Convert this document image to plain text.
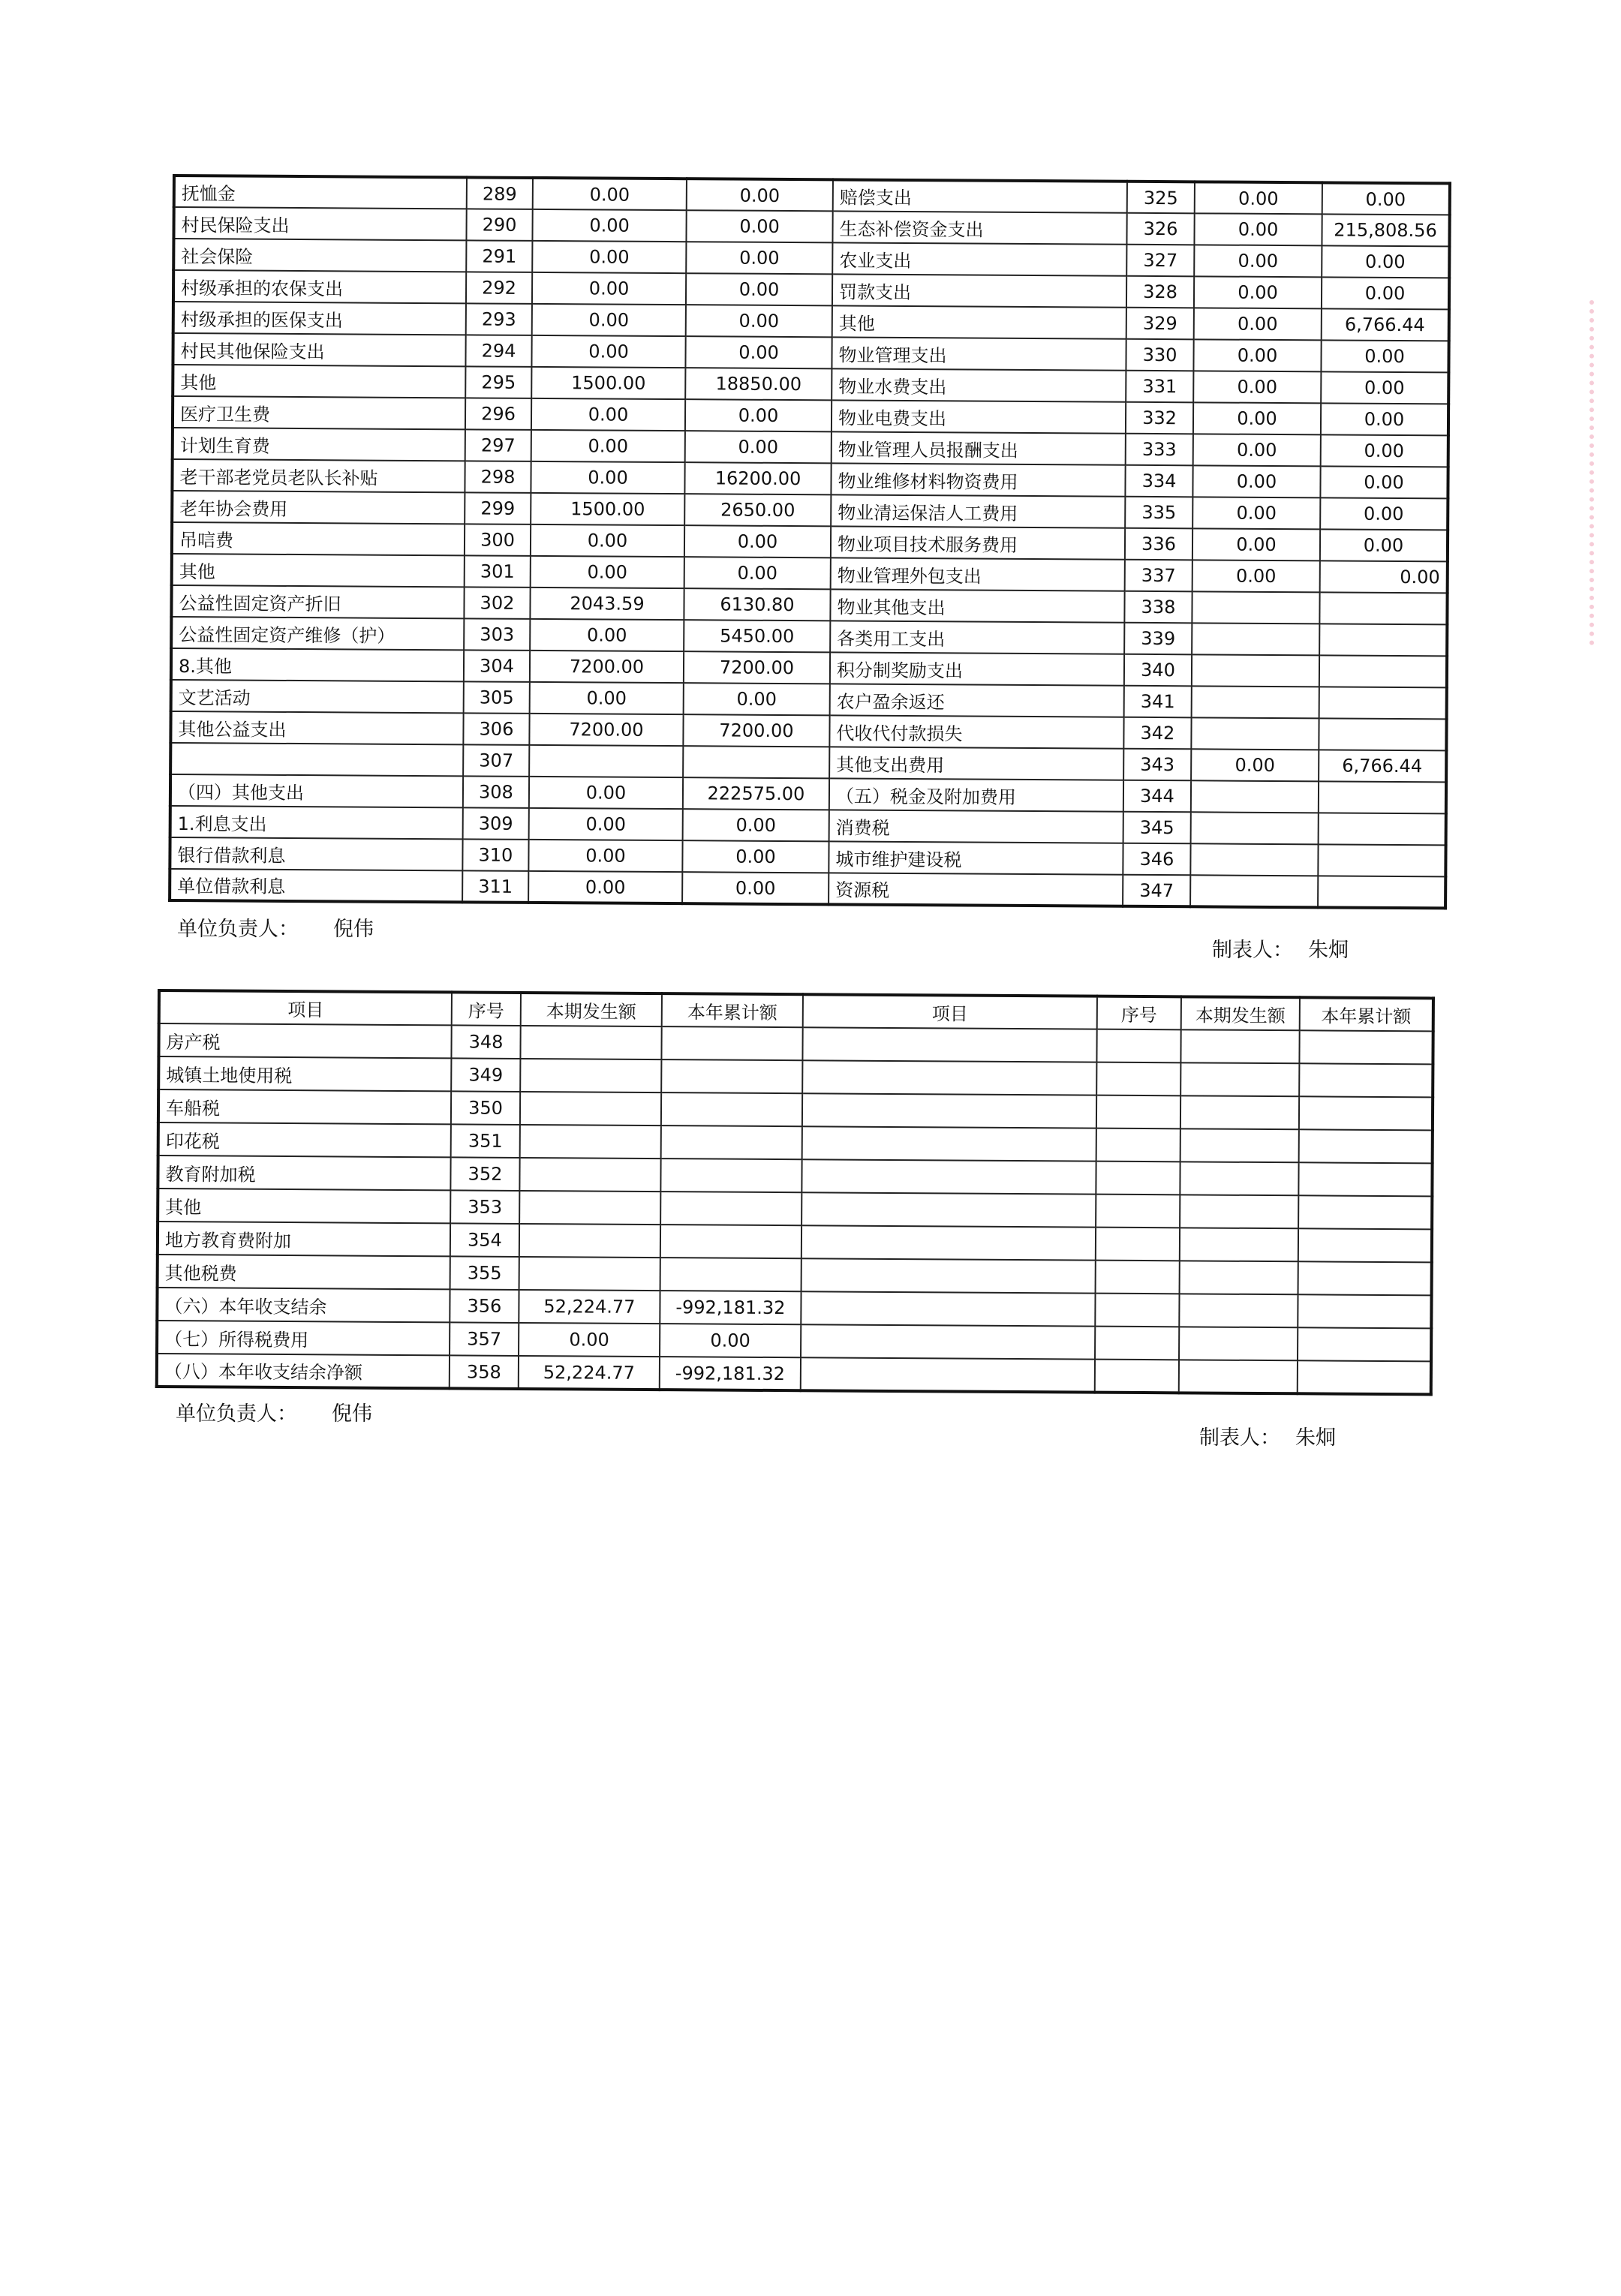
抚恤金	289	0.00	0.00	赔偿支出	325	0.00	0.00
村民保险支出	290	0.00	0.00	生态补偿资金支出	326	0.00	215,808.56
社会保险	291	0.00	0.00	农业支出	327	0.00	0.00
村级承担的农保支出	292	0.00	0.00	罚款支出	328	0.00	0.00
村级承担的医保支出	293	0.00	0.00	其他	329	0.00	6,766.44
村民其他保险支出	294	0.00	0.00	物业管理支出	330	0.00	0.00
其他	295	1500.00	18850.00	物业水费支出	331	0.00	0.00
医疗卫生费	296	0.00	0.00	物业电费支出	332	0.00	0.00
计划生育费	297	0.00	0.00	物业管理人员报酬支出	333	0.00	0.00
老干部老党员老队长补贴	298	0.00	16200.00	物业维修材料物资费用	334	0.00	0.00
老年协会费用	299	1500.00	2650.00	物业清运保洁人工费用	335	0.00	0.00
吊唁费	300	0.00	0.00	物业项目技术服务费用	336	0.00	0.00
其他	301	0.00	0.00	物业管理外包支出	337	0.00	0.00
公益性固定资产折旧	302	2043.59	6130.80	物业其他支出	338		
公益性固定资产维修（护）	303	0.00	5450.00	各类用工支出	339		
8.其他	304	7200.00	7200.00	积分制奖励支出	340		
文艺活动	305	0.00	0.00	农户盈余返还	341		
其他公益支出	306	7200.00	7200.00	代收代付款损失	342		
	307			其他支出费用	343	0.00	6,766.44
（四）其他支出	308	0.00	222575.00	（五）税金及附加费用	344		
1.利息支出	309	0.00	0.00	消费税	345		
银行借款利息	310	0.00	0.00	城市维护建设税	346		
单位借款利息	311	0.00	0.00	资源税	347		
单位负责人： 倪伟
制表人： 朱炯
项目	序号	本期发生额	本年累计额	项目	序号	本期发生额	本年累计额
房产税	348						
城镇土地使用税	349						
车船税	350						
印花税	351						
教育附加税	352						
其他	353						
地方教育费附加	354						
其他税费	355						
（六）本年收支结余	356	52,224.77	-992,181.32				
（七）所得税费用	357	0.00	0.00				
（八）本年收支结余净额	358	52,224.77	-992,181.32				
单位负责人： 倪伟
制表人： 朱炯
